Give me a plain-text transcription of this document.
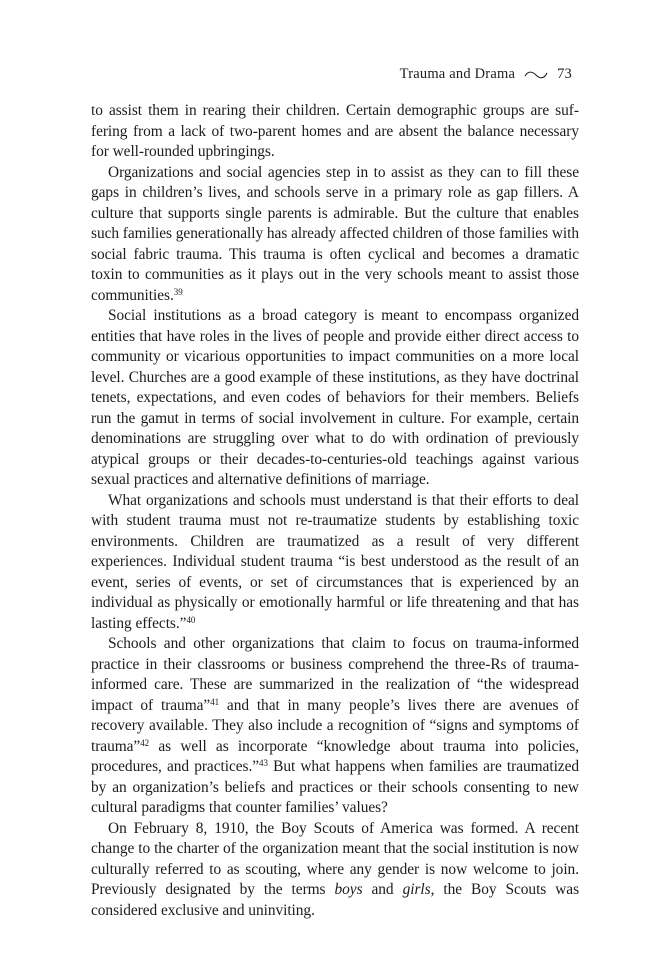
Trauma and Drama	73

to assist them in rearing their children. Certain demographic groups are suffering from a lack of two-parent homes and are absent the balance necessary for well-rounded upbringings.

Organizations and social agencies step in to assist as they can to fill these gaps in children’s lives, and schools serve in a primary role as gap fillers. A culture that supports single parents is admirable. But the culture that enables such families generationally has already affected children of those families with social fabric trauma. This trauma is often cyclical and becomes a dramatic toxin to communities as it plays out in the very schools meant to assist those communities.$^{39}$

Social institutions as a broad category is meant to encompass organized entities that have roles in the lives of people and provide either direct access to community or vicarious opportunities to impact communities on a more local level. Churches are a good example of these institutions, as they have doctrinal tenets, expectations, and even codes of behaviors for their members. Beliefs run the gamut in terms of social involvement in culture. For example, certain denominations are struggling over what to do with ordination of previously atypical groups or their decades-to-centuries-old teachings against various sexual practices and alternative definitions of marriage.

What organizations and schools must understand is that their efforts to deal with student trauma must not re-traumatize students by establishing toxic environments. Children are traumatized as a result of very different experiences. Individual student trauma “is best understood as the result of an event, series of events, or set of circumstances that is experienced by an individual as physically or emotionally harmful or life threatening and that has lasting effects.”$^{40}$

Schools and other organizations that claim to focus on trauma-informed practice in their classrooms or business comprehend the three-Rs of trauma-informed care. These are summarized in the realization of “the widespread impact of trauma”$^{41}$ and that in many people’s lives there are avenues of recovery available. They also include a recognition of “signs and symptoms of trauma”$^{42}$ as well as incorporate “knowledge about trauma into policies, procedures, and practices.”$^{43}$ But what happens when families are traumatized by an organization’s beliefs and practices or their schools consenting to new cultural paradigms that counter families’ values?

On February 8, 1910, the Boy Scouts of America was formed. A recent change to the charter of the organization meant that the social institution is now culturally referred to as scouting, where any gender is now welcome to join. Previously designated by the terms boys and girls, the Boy Scouts was considered exclusive and uninviting.
